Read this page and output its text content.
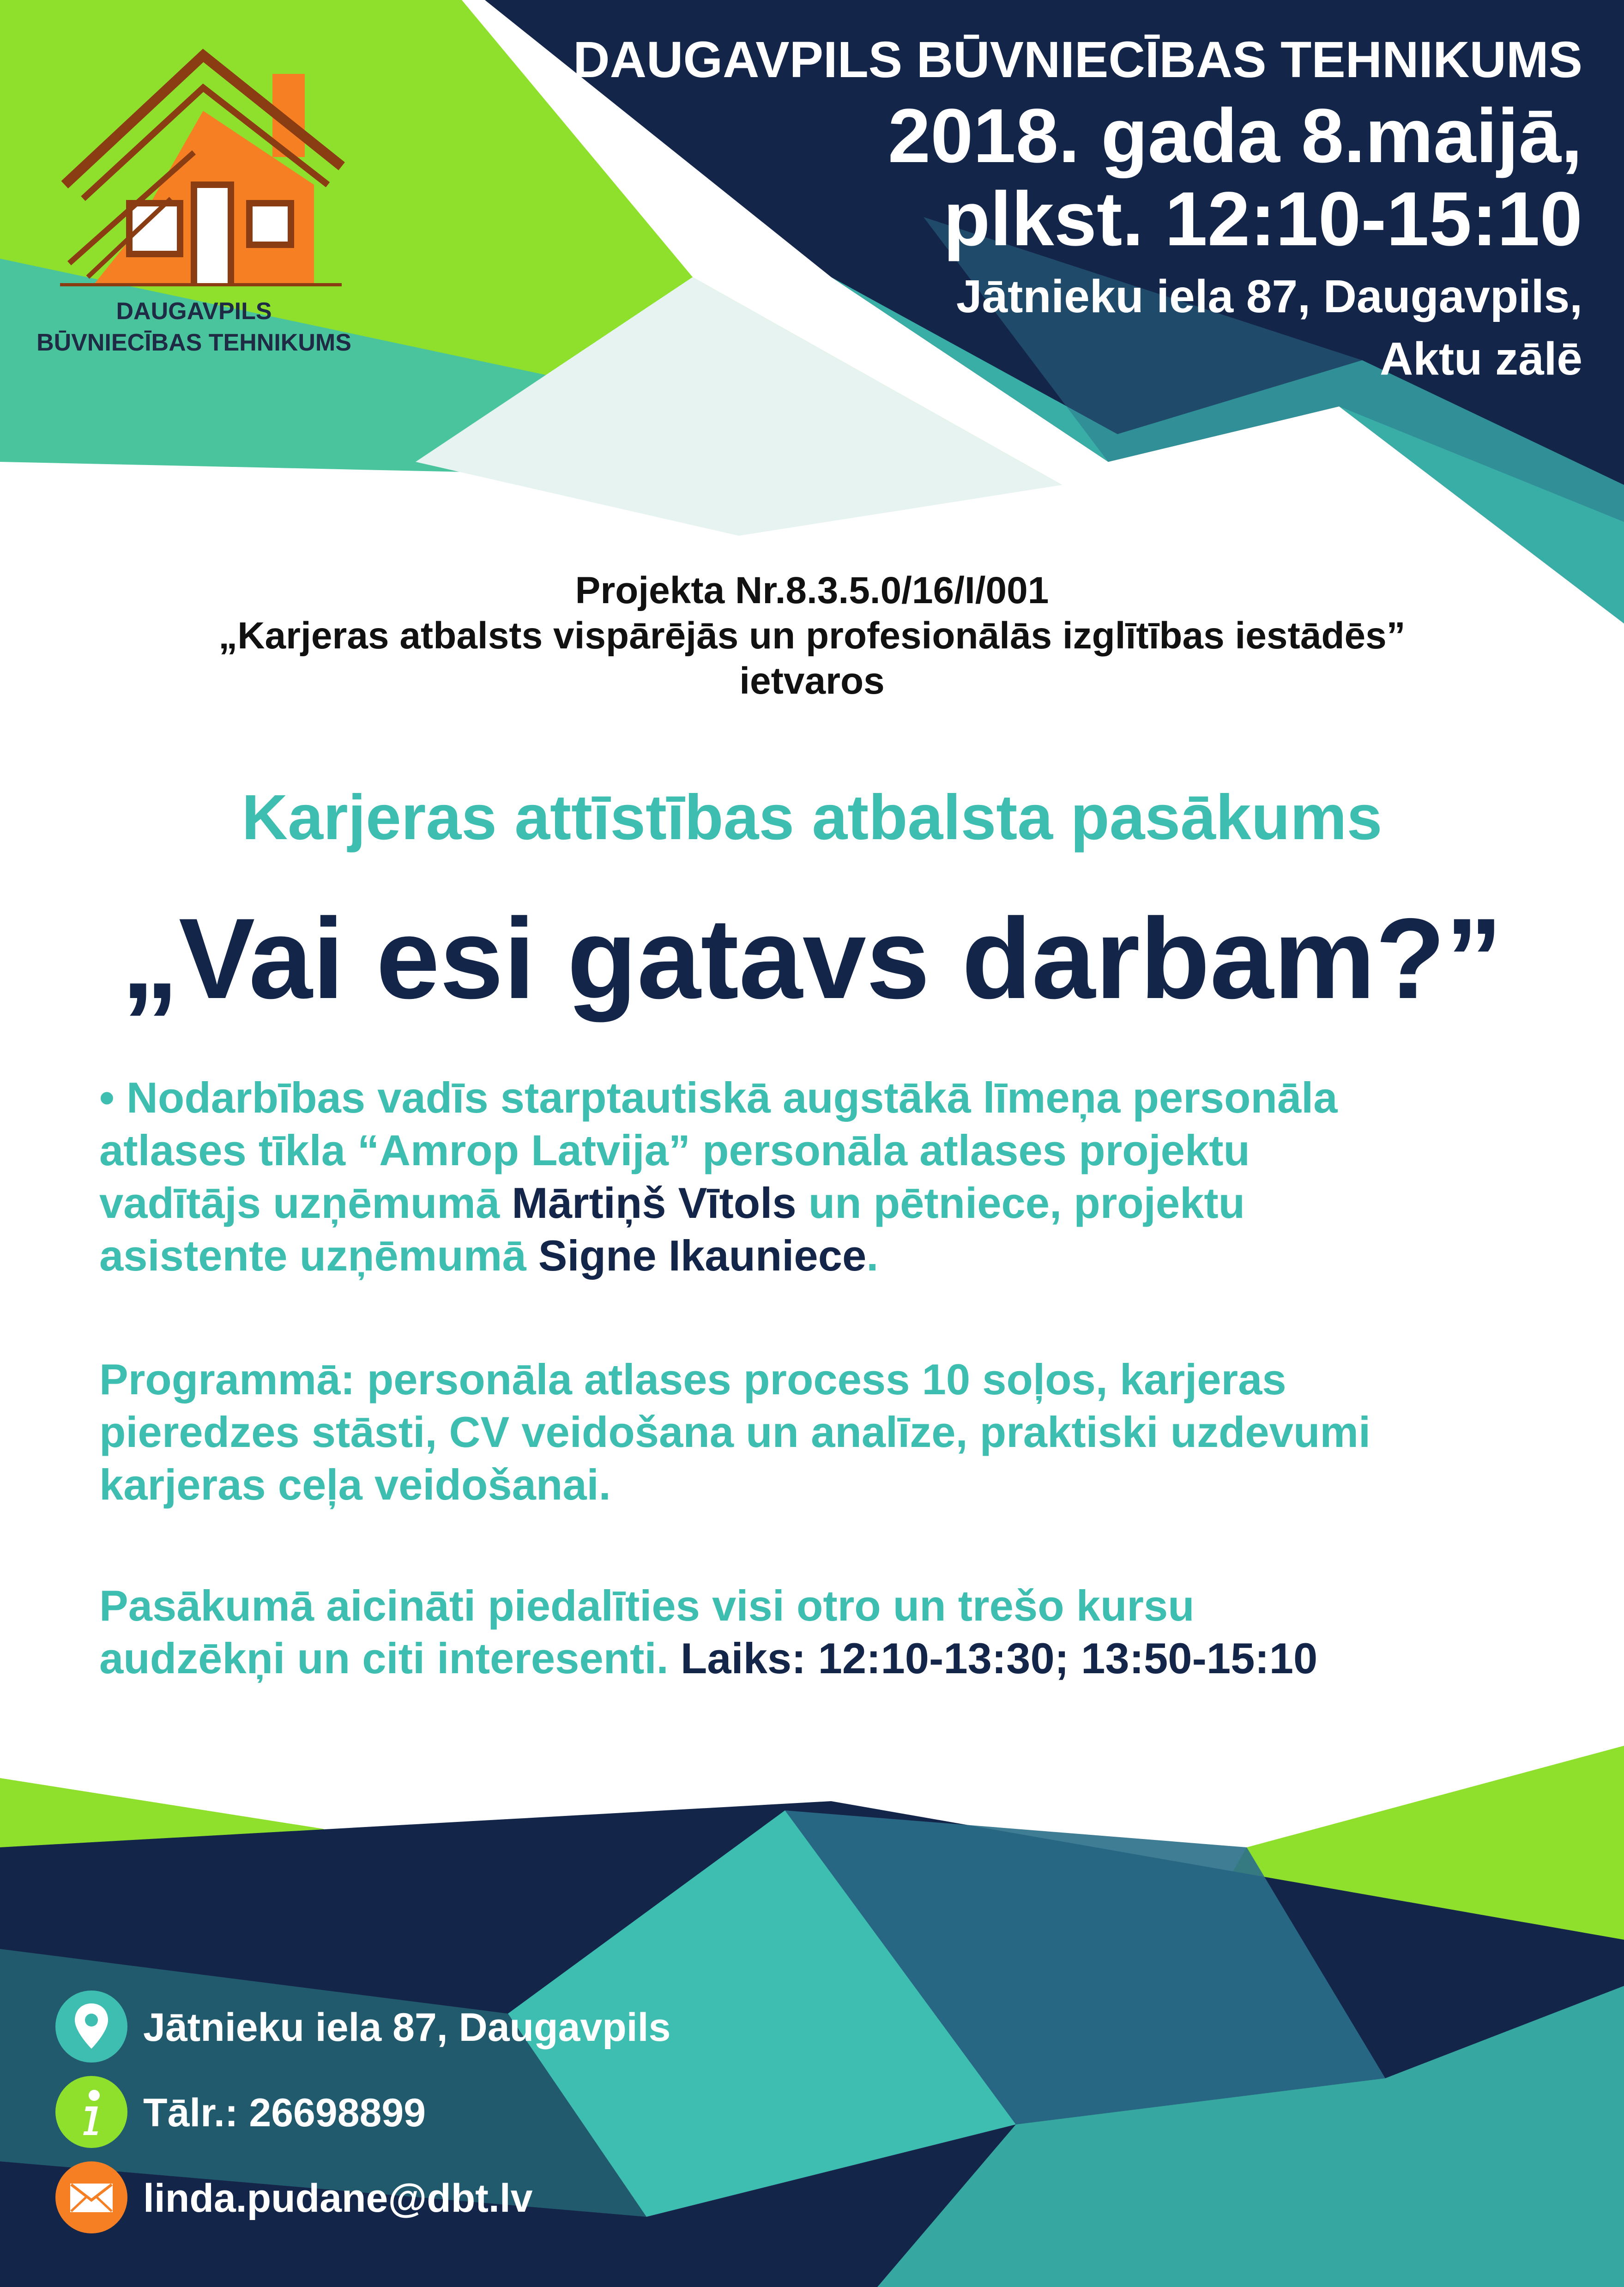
DAUGAVPILS
BŪVNIECĪBAS TEHNIKUMS
DAUGAVPILS BŪVNIECĪBAS TEHNIKUMS
2018. gada 8.maijā,
plkst. 12:10-15:10
Jātnieku iela 87, Daugavpils,
Aktu zālē
Projekta Nr.8.3.5.0/16/I/001
„Karjeras atbalsts vispārējās un profesionālās izglītības iestādēs”
ietvaros
Karjeras attīstības atbalsta pasākums
„Vai esi gatavs darbam?”
• Nodarbības vadīs starptautiskā augstākā līmeņa personāla
atlases tīkla “Amrop Latvija” personāla atlases projektu
vadītājs uzņēmumā Mārtiņš Vītols un pētniece, projektu
asistente uzņēmumā Signe Ikauniece.
Programmā: personāla atlases process 10 soļos, karjeras
pieredzes stāsti, CV veidošana un analīze, praktiski uzdevumi
karjeras ceļa veidošanai.
Pasākumā aicināti piedalīties visi otro un trešo kursu
audzēkņi un citi interesenti. Laiks: 12:10-13:30; 13:50-15:10
Jātnieku iela 87, Daugavpils
Tālr.: 26698899
linda.pudane@dbt.lv
